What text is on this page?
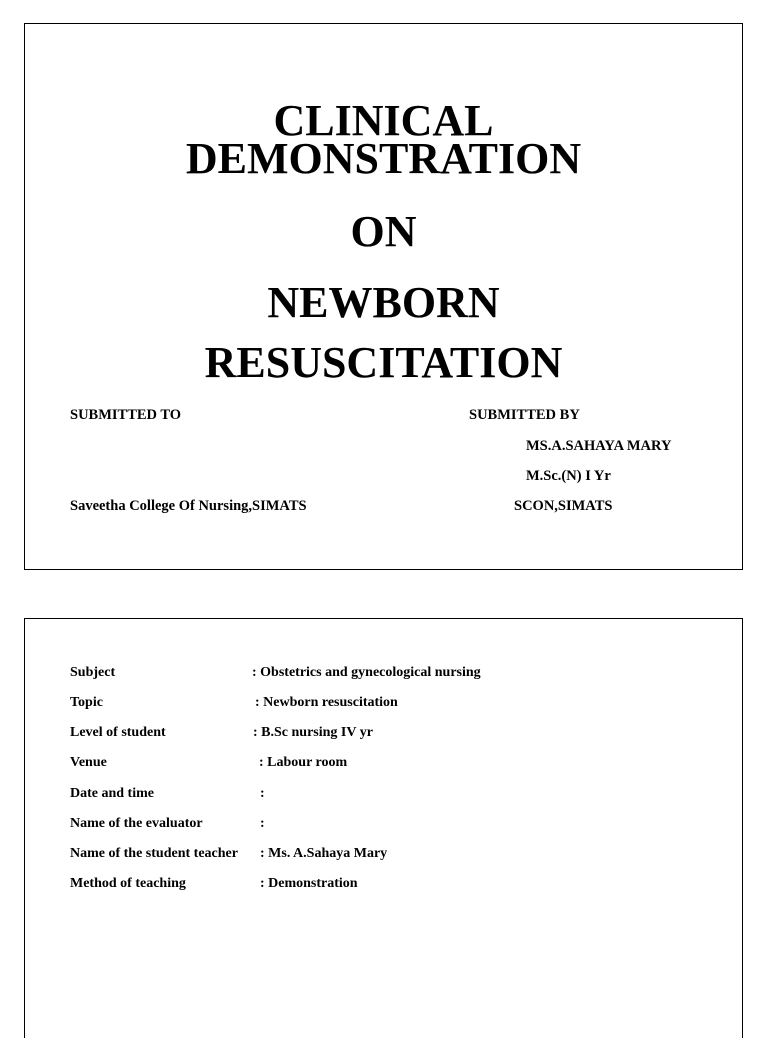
CLINICAL
DEMONSTRATION
ON
NEWBORN
RESUSCITATION
SUBMITTED TO	SUBMITTED BY
MS.A.SAHAYA MARY
M.Sc.(N) I Yr
Saveetha College Of Nursing,SIMATS	SCON,SIMATS
Subject	: Obstetrics and gynecological nursing
Topic	: Newborn resuscitation
Level of student	: B.Sc nursing IV yr
Venue	: Labour room
Date and time	:
Name of the evaluator	:
Name of the student teacher : Ms. A.Sahaya Mary
Method of teaching	: Demonstration
